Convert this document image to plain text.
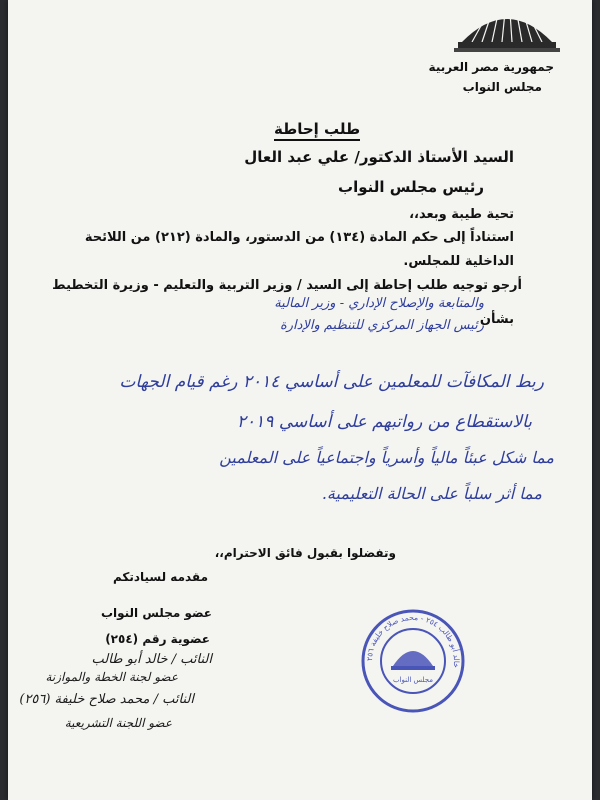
جمهورية مصر العربية
مجلس النواب
طلب إحاطة
السيد الأستاذ الدكتور/ علي عبد العال
رئيس مجلس النواب
تحية طيبة وبعد،،
استناداً إلى حكم المادة (١٣٤) من الدستور، والمادة (٢١٢) من اللائحة
الداخلية للمجلس.
أرجو توجيه طلب إحاطة إلى السيد / وزير التربية والتعليم - وزيرة التخطيط
والمتابعة والإصلاح الإداري - وزير المالية
بشأن
رئيس الجهاز المركزي للتنظيم والإدارة
ربط المكافآت للمعلمين على أساسي ٢٠١٤ رغم قيام الجهات
بالاستقطاع من رواتبهم على أساسي ٢٠١٩
مما شكل عبئاً مالياً وأسرياً واجتماعياً على المعلمين
مما أثر سلباً على الحالة التعليمية.
وتفضلوا بقبول فائق الاحترام،،
مقدمه لسيادتكم
عضو مجلس النواب
عضوية رقم (٢٥٤)
النائب / خالد أبو طالب
عضو لجنة الخطة والموازنة
النائب / محمد صلاح خليفة (٢٥٦)
عضو اللجنة التشريعية
خالد أبو طالب ٢٥٤ - محمد صلاح خليفة ٢٥٦
مجلس النواب
